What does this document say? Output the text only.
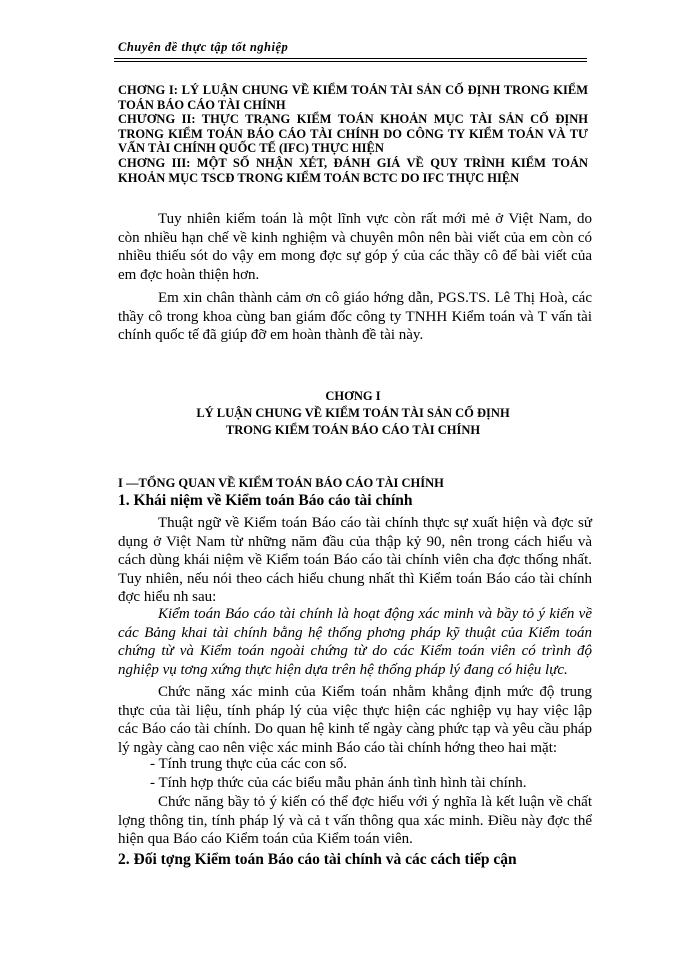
Chuyên đề thực tập tốt nghiệp

CHƠNG I: LÝ LUẬN CHUNG VỀ KIỂM TOÁN TÀI SẢN CỐ ĐỊNH TRONG KIỂM TOÁN BÁO CÁO TÀI CHÍNH

CHƯƠNG II: THỰC TRẠNG KIỂM TOÁN KHOẢN MỤC TÀI SẢN CỐ ĐỊNH TRONG KIỂM TOÁN BÁO CÁO TÀI CHÍNH DO CÔNG TY KIỂM TOÁN VÀ TƯ VẤN TÀI CHÍNH QUỐC TẾ (IFC) THỰC HIỆN

CHƠNG III: MỘT SỐ NHẬN XÉT, ĐÁNH GIÁ VỀ QUY TRÌNH KIỂM TOÁN KHOẢN MỤC TSCĐ TRONG KIỂM TOÁN BCTC DO IFC THỰC HIỆN

Tuy nhiên kiểm toán là một lĩnh vực còn rất mới mẻ ở Việt Nam, do còn nhiều hạn chế về kinh nghiệm và chuyên môn nên bài viết của em còn có nhiều thiếu sót do vậy em mong đợc sự góp ý của các thầy cô để bài viết của em đợc hoàn thiện hơn.

Em xin chân thành cảm ơn cô giáo hớng dẫn, PGS.TS. Lê Thị Hoà, các thầy cô trong khoa cùng ban giám đốc công ty TNHH Kiểm toán và T vấn tài chính quốc tế đã giúp đỡ em hoàn thành đề tài này.

CHƠNG I

LÝ LUẬN CHUNG VỀ KIỂM TOÁN TÀI SẢN CỐ ĐỊNH

TRONG KIỂM TOÁN BÁO CÁO TÀI CHÍNH

I —TỔNG QUAN VỀ KIỂM TOÁN BÁO CÁO TÀI CHÍNH

1. Khái niệm về Kiểm toán Báo cáo tài chính

Thuật ngữ về Kiểm toán Báo cáo tài chính thực sự xuất hiện và đợc sử dụng ở Việt Nam từ những năm đầu của thập kỷ 90, nên trong cách hiểu và cách dùng khái niệm về Kiểm toán Báo cáo tài chính viên cha đợc thống nhất. Tuy nhiên, nếu nói theo cách hiểu chung nhất thì Kiểm toán Báo cáo tài chính đợc hiểu nh sau:

Kiểm toán Báo cáo tài chính là hoạt động xác minh và bầy tỏ ý kiến về các Bảng khai tài chính bằng hệ thống phơng pháp kỹ thuật của Kiểm toán chứng từ và Kiểm toán ngoài chứng từ do các Kiểm toán viên có trình độ nghiệp vụ tơng xứng thực hiện dựa trên hệ thống pháp lý đang có hiệu lực.

Chức năng xác minh của Kiểm toán nhằm khẳng định mức độ trung thực của tài liệu, tính pháp lý của việc thực hiện các nghiệp vụ hay việc lập các Báo cáo tài chính. Do quan hệ kinh tế ngày càng phức tạp và yêu cầu pháp lý ngày càng cao nên việc xác minh Báo cáo tài chính hớng theo hai mặt:

- Tính trung thực của các con số.

- Tính hợp thức của các biểu mẫu phản ánh tình hình tài chính.

Chức năng bầy tỏ ý kiến có thể đợc hiểu với ý nghĩa là kết luận về chất lợng thông tin, tính pháp lý và cả t vấn thông qua xác minh. Điều này đợc thể hiện qua Báo cáo Kiểm toán của Kiểm toán viên.

2. Đối tợng Kiểm toán Báo cáo tài chính và các cách tiếp cận
